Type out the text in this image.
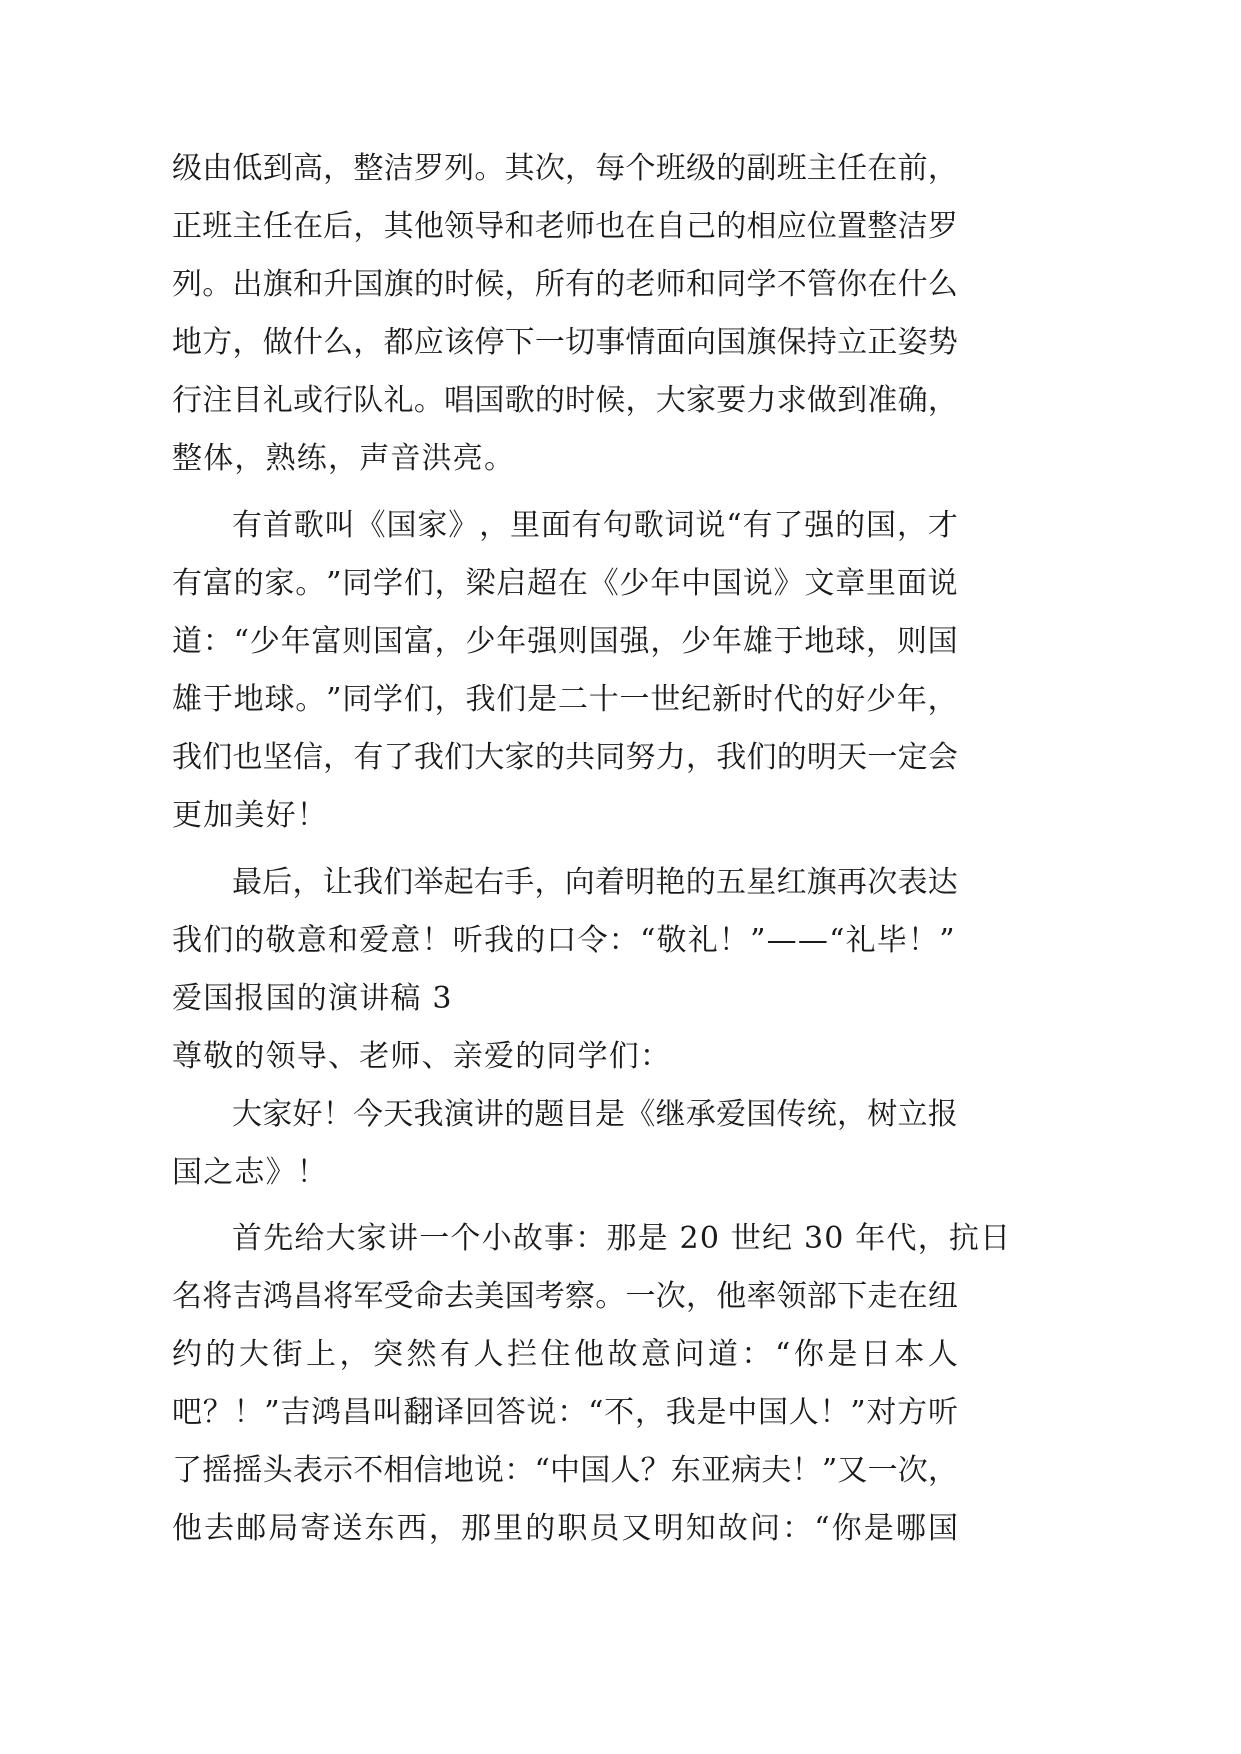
级 由 低 到 高 ， 整 洁 罗 列 。 其 次 ， 每 个 班 级 的 副 班 主 任 在 前 ，
正 班 主 任 在 后 ， 其 他 领 导 和 老 师 也 在 自 己 的 相 应 位 置 整 洁 罗
列 。 出 旗 和 升 国 旗 的 时 候 ， 所 有 的 老 师 和 同 学 不 管 你 在 什 么
地 方 ， 做 什 么 ， 都 应 该 停 下 一 切 事 情 面 向 国 旗 保 持 立 正 姿 势
行 注 目 礼 或 行 队 礼 。 唱 国 歌 的 时 候 ， 大 家 要 力 求 做 到 准 确 ，
整体，熟练，声音洪亮。
有 首 歌 叫 《 国 家 》 ， 里 面 有 句 歌 词 说 “ 有 了 强 的 国 ， 才
有 富 的 家 。 ” 同 学 们 ， 梁 启 超 在 《 少 年 中 国 说 》 文 章 里 面 说
道 ： “ 少 年 富 则 国 富 ， 少 年 强 则 国 强 ， 少 年 雄 于 地 球 ， 则 国
雄 于 地 球 。 ” 同 学 们 ， 我 们 是 二 十 一 世 纪 新 时 代 的 好 少 年 ，
我 们 也 坚 信 ， 有 了 我 们 大 家 的 共 同 努 力 ， 我 们 的 明 天 一 定 会
更加美好！
最 后 ， 让 我 们 举 起 右 手 ， 向 着 明 艳 的 五 星 红 旗 再 次 表 达
我们的敬意和爱意！听我的口令：“敬礼！”——“礼毕！”
爱国报国的演讲稿 3
尊敬的领导、老师、亲爱的同学们：
大 家 好 ！ 今 天 我 演 讲 的 题 目 是 《 继 承 爱 国 传 统 ， 树 立 报
国之志》！
首先给大家讲一个小故事：那是 20 世纪 30 年代，抗日
名 将 吉 鸿 昌 将 军 受 命 去 美 国 考 察 。 一 次 ， 他 率 领 部 下 走 在 纽
约 的 大 街 上 ， 突 然 有 人 拦 住 他 故 意 问 道 ： “ 你 是 日 本 人
吧 ？ ！ ” 吉 鸿 昌 叫 翻 译 回 答 说 ： “ 不 ， 我 是 中 国 人 ！ ” 对 方 听
了 摇 摇 头 表 示 不 相 信 地 说 ： “ 中 国 人 ？ 东 亚 病 夫 ！ ” 又 一 次 ，
他 去 邮 局 寄 送 东 西 ， 那 里 的 职 员 又 明 知 故 问 ： “ 你 是 哪 国
